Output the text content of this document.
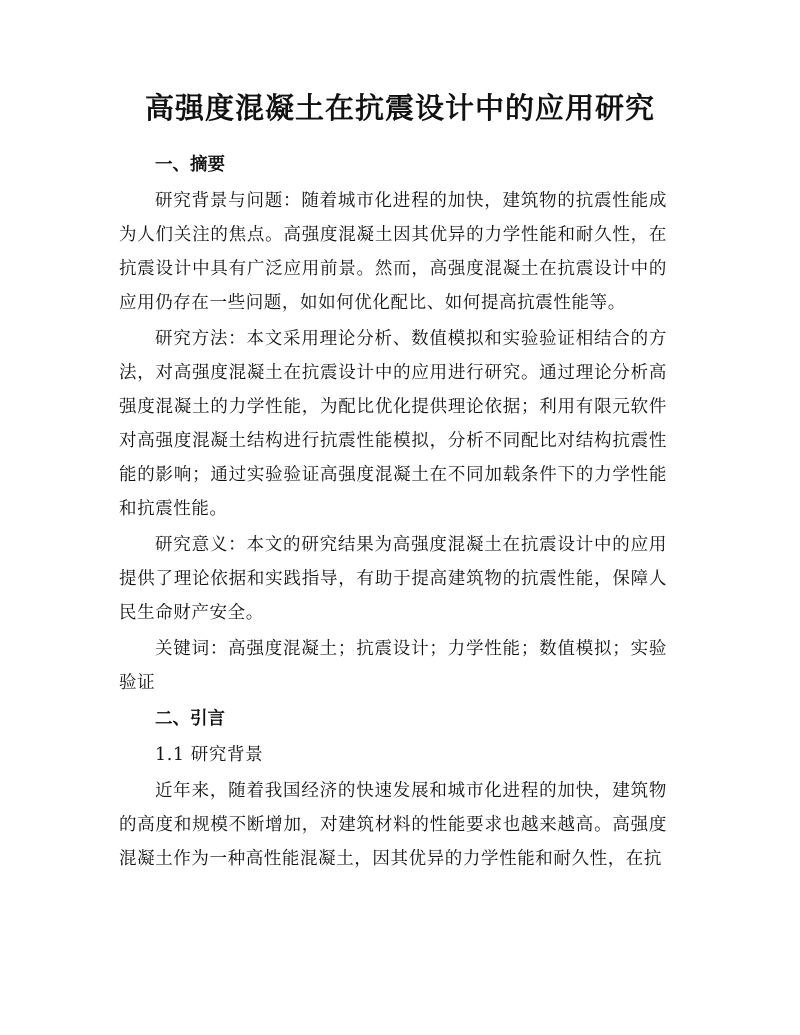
高强度混凝土在抗震设计中的应用研究
一、摘要

研究背景与问题：随着城市化进程的加快，建筑物的抗震性能成为人们关注的焦点。高强度混凝土因其优异的力学性能和耐久性，在抗震设计中具有广泛应用前景。然而，高强度混凝土在抗震设计中的应用仍存在一些问题，如如何优化配比、如何提高抗震性能等。

研究方法：本文采用理论分析、数值模拟和实验验证相结合的方法，对高强度混凝土在抗震设计中的应用进行研究。通过理论分析高强度混凝土的力学性能，为配比优化提供理论依据；利用有限元软件对高强度混凝土结构进行抗震性能模拟，分析不同配比对结构抗震性能的影响；通过实验验证高强度混凝土在不同加载条件下的力学性能和抗震性能。

研究意义：本文的研究结果为高强度混凝土在抗震设计中的应用提供了理论依据和实践指导，有助于提高建筑物的抗震性能，保障人民生命财产安全。

关键词：高强度混凝土；抗震设计；力学性能；数值模拟；实验验证

二、引言
1.1 研究背景

近年来，随着我国经济的快速发展和城市化进程的加快，建筑物的高度和规模不断增加，对建筑材料的性能要求也越来越高。高强度混凝土作为一种高性能混凝土，因其优异的力学性能和耐久性，在抗
